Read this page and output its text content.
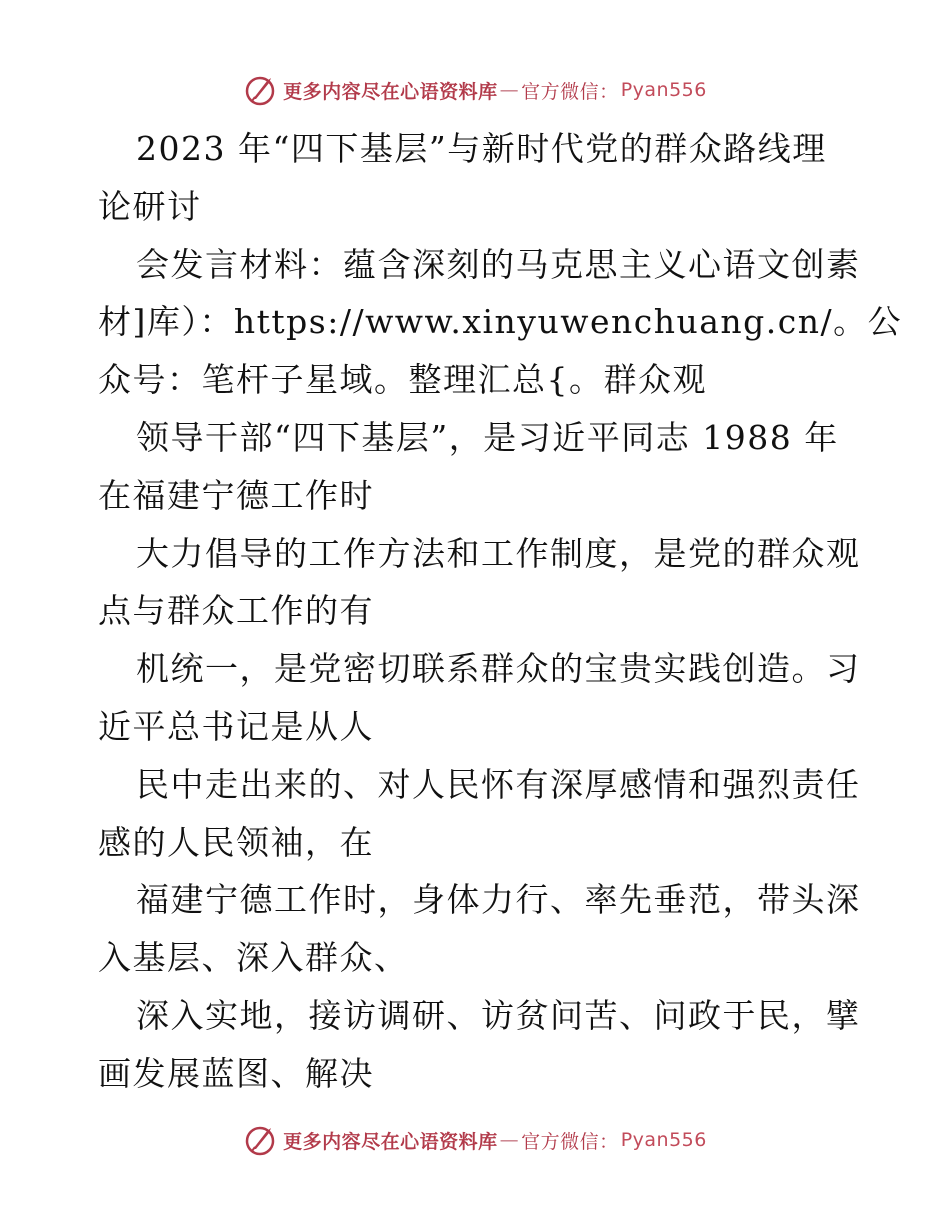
更多内容尽在心语资料库 — 官方微信： Pyan556
2023 年“四下基层”与新时代党的群众路线理
论研讨
会发言材料：蕴含深刻的马克思主义心语文创素
材]库）：https://www.xinyuwenchuang.cn/。公
众号：笔杆子星域。整理汇总{。群众观
领导干部“四下基层”，是习近平同志 1988 年
在福建宁德工作时
大力倡导的工作方法和工作制度，是党的群众观
点与群众工作的有
机统一，是党密切联系群众的宝贵实践创造。习
近平总书记是从人
民中走出来的、对人民怀有深厚感情和强烈责任
感的人民领袖，在
福建宁德工作时，身体力行、率先垂范，带头深
入基层、深入群众、
深入实地，接访调研、访贫问苦、问政于民，擘
画发展蓝图、解决
更多内容尽在心语资料库 — 官方微信： Pyan556
